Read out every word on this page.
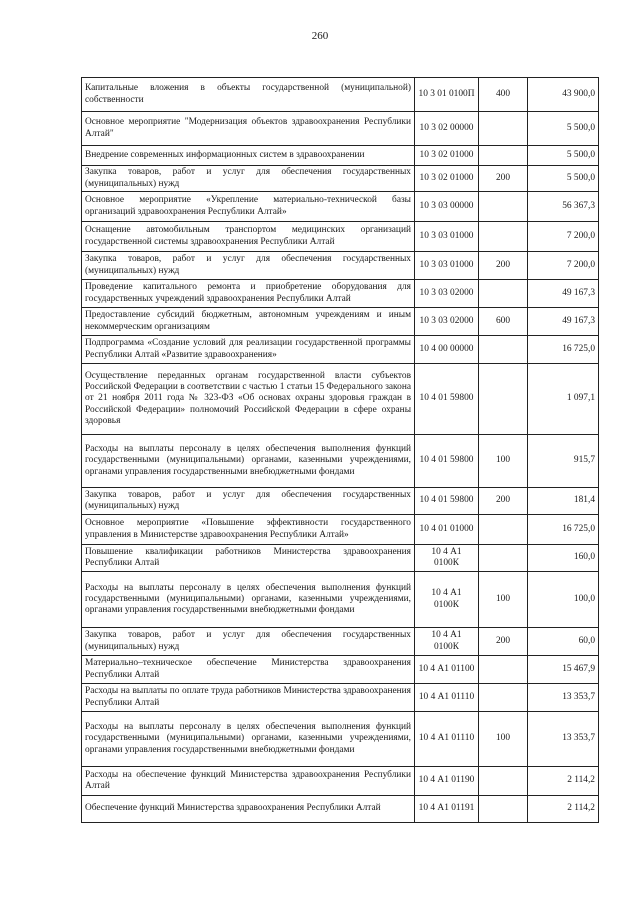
260
Капитальные вложения в объекты государственной (муниципальной) собственности	10 3 01 0100П	400	43 900,0
Основное мероприятие "Модернизация объектов здравоохранения Республики Алтай"	10 3 02 00000		5 500,0
Внедрение современных информационных систем в здравоохранении	10 3 02 01000		5 500,0
Закупка товаров, работ и услуг для обеспечения государственных (муниципальных) нужд	10 3 02 01000	200	5 500,0
Основное мероприятие «Укрепление материально-технической базы организаций здравоохранения Республики Алтай»	10 3 03 00000		56 367,3
Оснащение автомобильным транспортом медицинских организаций государственной системы здравоохранения Республики Алтай	10 3 03 01000		7 200,0
Закупка товаров, работ и услуг для обеспечения государственных (муниципальных) нужд	10 3 03 01000	200	7 200,0
Проведение капитального ремонта и приобретение оборудования для государственных учреждений здравоохранения Республики Алтай	10 3 03 02000		49 167,3
Предоставление субсидий бюджетным, автономным учреждениям и иным некоммерческим организациям	10 3 03 02000	600	49 167,3
Подпрограмма «Создание условий для реализации государственной программы Республики Алтай «Развитие здравоохранения»	10 4 00 00000		16 725,0
Осуществление переданных органам государственной власти субъектов Российской Федерации в соответствии с частью 1 статьи 15 Федерального закона от 21 ноября 2011 года № 323-ФЗ «Об основах охраны здоровья граждан в Российской Федерации» полномочий Российской Федерации в сфере охраны здоровья	10 4 01 59800		1 097,1
Расходы на выплаты персоналу в целях обеспечения выполнения функций государственными (муниципальными) органами, казенными учреждениями, органами управления государственными внебюджетными фондами	10 4 01 59800	100	915,7
Закупка товаров, работ и услуг для обеспечения государственных (муниципальных) нужд	10 4 01 59800	200	181,4
Основное мероприятие «Повышение эффективности государственного управления в Министерстве здравоохранения Республики Алтай»	10 4 01 01000		16 725,0
Повышение квалификации работников Министерства здравоохранения Республики Алтай	10 4 А1 0100К		160,0
Расходы на выплаты персоналу в целях обеспечения выполнения функций государственными (муниципальными) органами, казенными учреждениями, органами управления государственными внебюджетными фондами	10 4 А1 0100К	100	100,0
Закупка товаров, работ и услуг для обеспечения государственных (муниципальных) нужд	10 4 А1 0100К	200	60,0
Материально–техническое обеспечение Министерства здравоохранения Республики Алтай	10 4 А1 01100		15 467,9
Расходы на выплаты по оплате труда работников Министерства здравоохранения Республики Алтай	10 4 А1 01110		13 353,7
Расходы на выплаты персоналу в целях обеспечения выполнения функций государственными (муниципальными) органами, казенными учреждениями, органами управления государственными внебюджетными фондами	10 4 А1 01110	100	13 353,7
Расходы на обеспечение функций Министерства здравоохранения Республики Алтай	10 4 А1 01190		2 114,2
Обеспечение функций Министерства здравоохранения Республики Алтай	10 4 А1 01191		2 114,2
